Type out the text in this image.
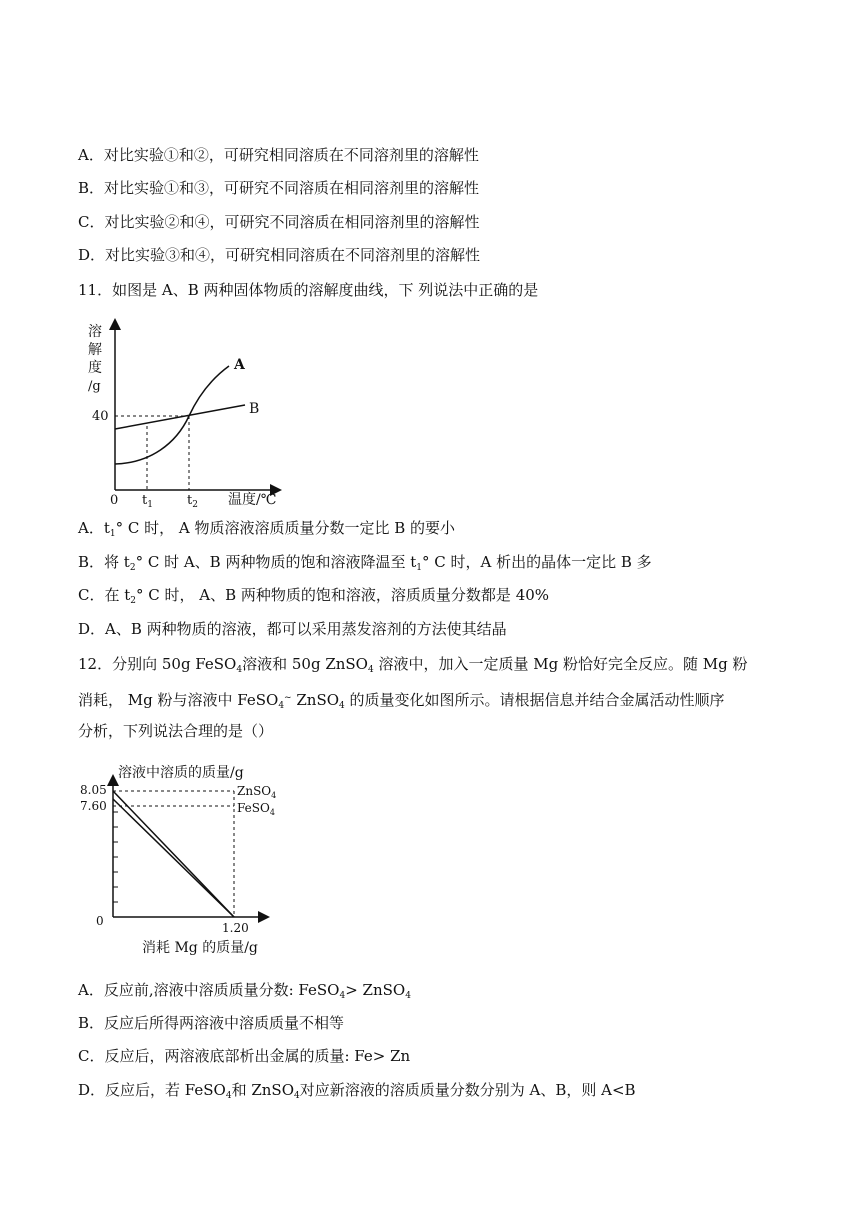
A．对比实验①和②，可研究相同溶质在不同溶剂里的溶解性
B．对比实验①和③，可研究不同溶质在相同溶剂里的溶解性
C．对比实验②和④，可研究不同溶质在相同溶剂里的溶解性
D．对比实验③和④，可研究相同溶质在不同溶剂里的溶解性
11．如图是 A、B 两种固体物质的溶解度曲线，下 列说法中正确的是
溶
解
度
/g
40
0 $t_1$	$t_2$ 温度/℃
A
B
A．$t_1^\circ$ C 时， A 物质溶液溶质质量分数一定比 B 的要小
B．将 $t_2^\circ$ C 时 A、B 两种物质的饱和溶液降温至 $t_1^\circ$ C 时，A 析出的晶体一定比 B 多
C．在 $t_2^\circ$ C 时， A、B 两种物质的饱和溶液，溶质质量分数都是 40%
D．A、B 两种物质的溶液，都可以采用蒸发溶剂的方法使其结晶
12．分别向 50g FeSO$_4$溶液和 50g ZnSO$_4$ 溶液中，加入一定质量 Mg 粉恰好完全反应。随 Mg 粉
消耗， Mg 粉与溶液中 FeSO$_4$~ ZnSO$_4$ 的质量变化如图所示。请根据信息并结合金属活动性顺序
分析，下列说法合理的是（）
溶液中溶质的质量/g
8.05
7.60
0	1.20
消耗 Mg 的质量/g
ZnSO$_4$
FeSO$_4$
A．反应前,溶液中溶质质量分数: FeSO$_4$> ZnSO$_4$
B．反应后所得两溶液中溶质质量不相等
C．反应后，两溶液底部析出金属的质量: Fe> Zn
D．反应后，若 FeSO$_4$和 ZnSO$_4$对应新溶液的溶质质量分数分别为 A、B，则 A<B
